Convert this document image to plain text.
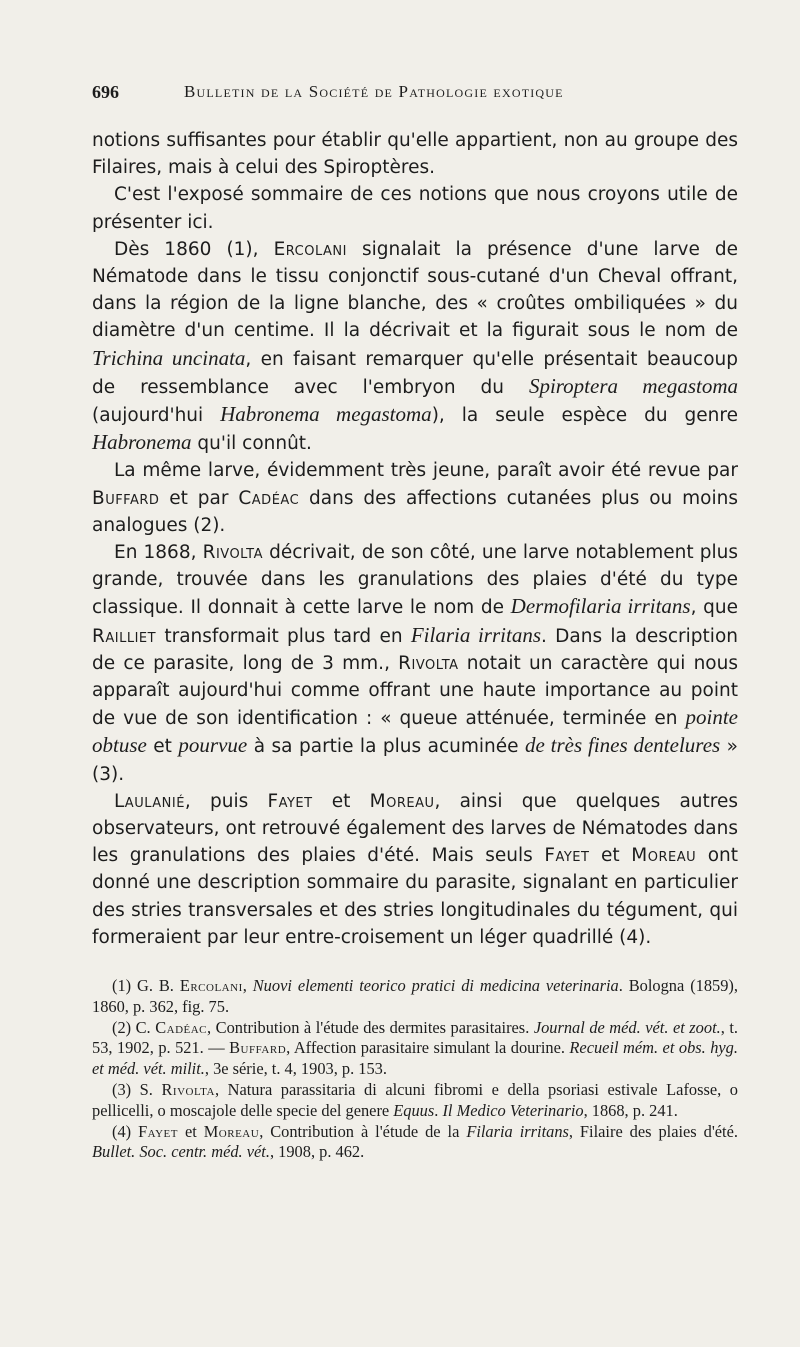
696	Bulletin de la Société de Pathologie exotique

notions suffisantes pour établir qu'elle appartient, non au groupe des Filaires, mais à celui des Spiroptères.

C'est l'exposé sommaire de ces notions que nous croyons utile de présenter ici.

Dès 1860 (1), Ercolani signalait la présence d'une larve de Nématode dans le tissu conjonctif sous-cutané d'un Cheval offrant, dans la région de la ligne blanche, des « croûtes ombiliquées » du diamètre d'un centime. Il la décrivait et la figurait sous le nom de Trichina uncinata, en faisant remarquer qu'elle présentait beaucoup de ressemblance avec l'embryon du Spiroptera megastoma (aujourd'hui Habronema megastoma), la seule espèce du genre Habronema qu'il connût.

La même larve, évidemment très jeune, paraît avoir été revue par Buffard et par Cadéac dans des affections cutanées plus ou moins analogues (2).

En 1868, Rivolta décrivait, de son côté, une larve notablement plus grande, trouvée dans les granulations des plaies d'été du type classique. Il donnait à cette larve le nom de Dermofilaria irritans, que Railliet transformait plus tard en Filaria irritans. Dans la description de ce parasite, long de 3 mm., Rivolta notait un caractère qui nous apparaît aujourd'hui comme offrant une haute importance au point de vue de son identification : « queue atténuée, terminée en pointe obtuse et pourvue à sa partie la plus acuminée de très fines dentelures » (3).

Laulanié, puis Fayet et Moreau, ainsi que quelques autres observateurs, ont retrouvé également des larves de Nématodes dans les granulations des plaies d'été. Mais seuls Fayet et Moreau ont donné une description sommaire du parasite, signalant en particulier des stries transversales et des stries longitudinales du tégument, qui formeraient par leur entre-croisement un léger quadrillé (4).

(1) G. B. Ercolani, Nuovi elementi teorico pratici di medicina veterinaria. Bologna (1859), 1860, p. 362, fig. 75.

(2) C. Cadéac, Contribution à l'étude des dermites parasitaires. Journal de méd. vét. et zoot., t. 53, 1902, p. 521. — Buffard, Affection parasitaire simulant la dourine. Recueil mém. et obs. hyg. et méd. vét. milit., 3e série, t. 4, 1903, p. 153.

(3) S. Rivolta, Natura parassitaria di alcuni fibromi e della psoriasi estivale Lafosse, o pellicelli, o moscajole delle specie del genere Equus. Il Medico Veterinario, 1868, p. 241.

(4) Fayet et Moreau, Contribution à l'étude de la Filaria irritans, Filaire des plaies d'été. Bullet. Soc. centr. méd. vét., 1908, p. 462.
